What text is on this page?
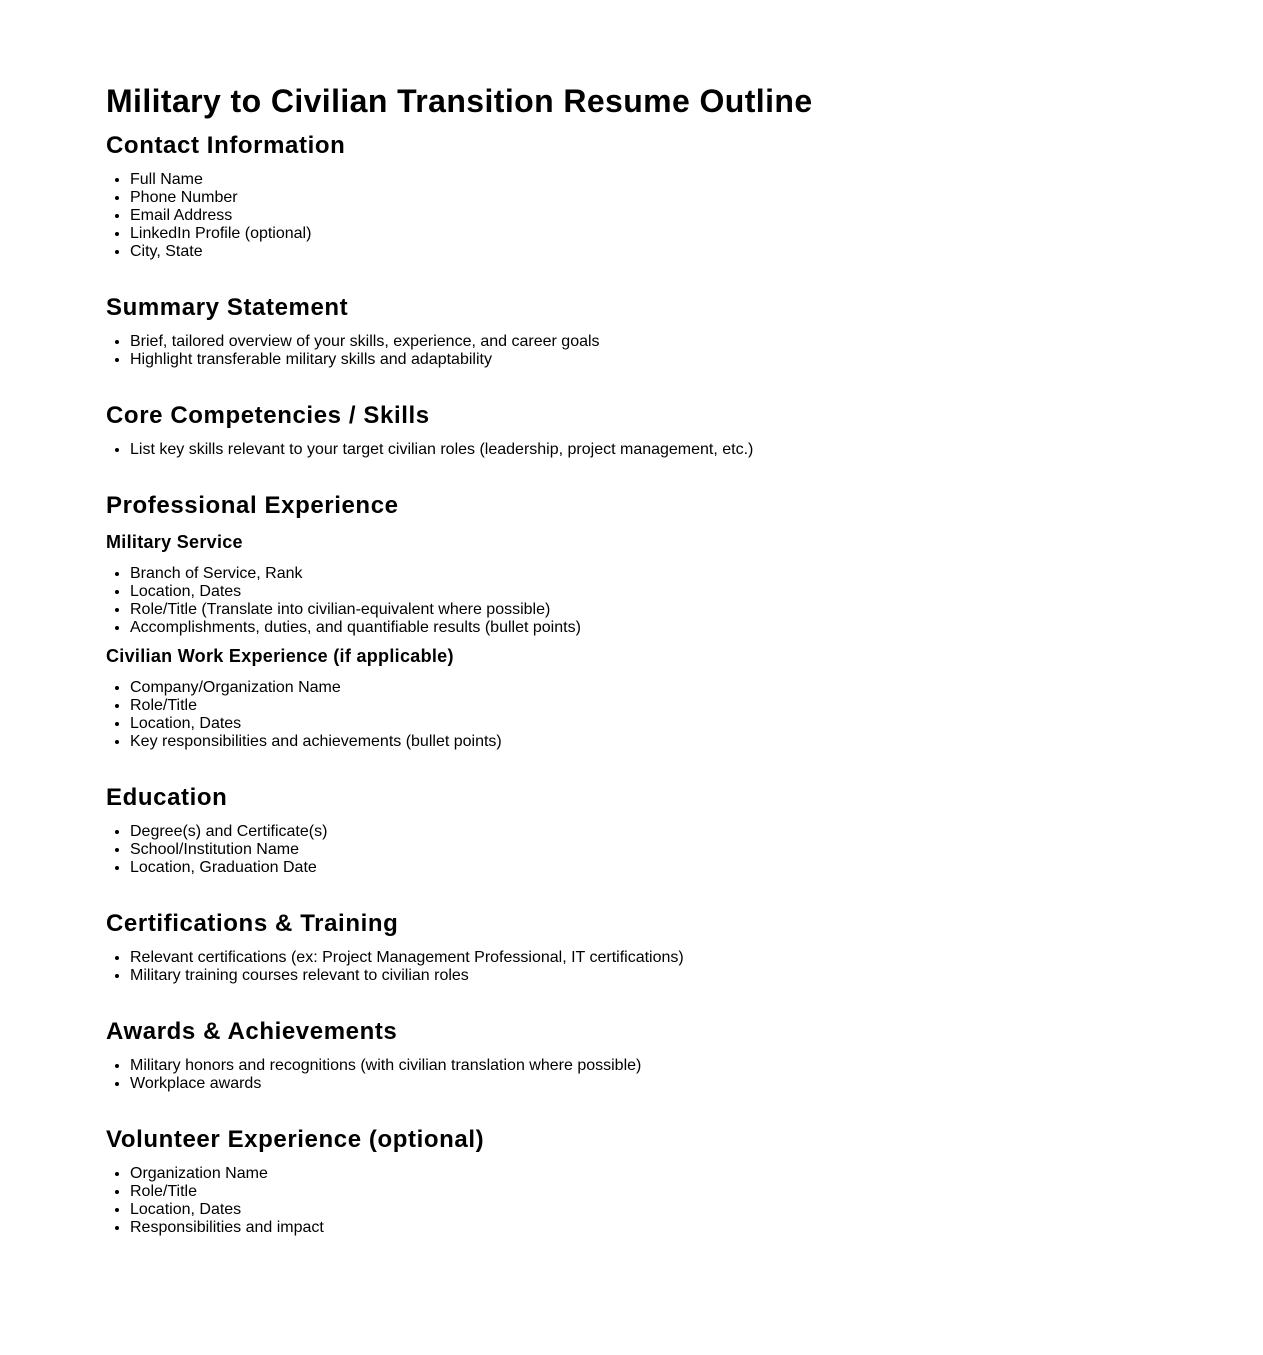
Military to Civilian Transition Resume Outline
Contact Information
• Full Name
• Phone Number
• Email Address
• LinkedIn Profile (optional)
• City, State
Summary Statement
• Brief, tailored overview of your skills, experience, and career goals
• Highlight transferable military skills and adaptability
Core Competencies / Skills
• List key skills relevant to your target civilian roles (leadership, project management, etc.)
Professional Experience
Military Service
• Branch of Service, Rank
• Location, Dates
• Role/Title (Translate into civilian-equivalent where possible)
• Accomplishments, duties, and quantifiable results (bullet points)
Civilian Work Experience (if applicable)
• Company/Organization Name
• Role/Title
• Location, Dates
• Key responsibilities and achievements (bullet points)
Education
• Degree(s) and Certificate(s)
• School/Institution Name
• Location, Graduation Date
Certifications & Training
• Relevant certifications (ex: Project Management Professional, IT certifications)
• Military training courses relevant to civilian roles
Awards & Achievements
• Military honors and recognitions (with civilian translation where possible)
• Workplace awards
Volunteer Experience (optional)
• Organization Name
• Role/Title
• Location, Dates
• Responsibilities and impact
